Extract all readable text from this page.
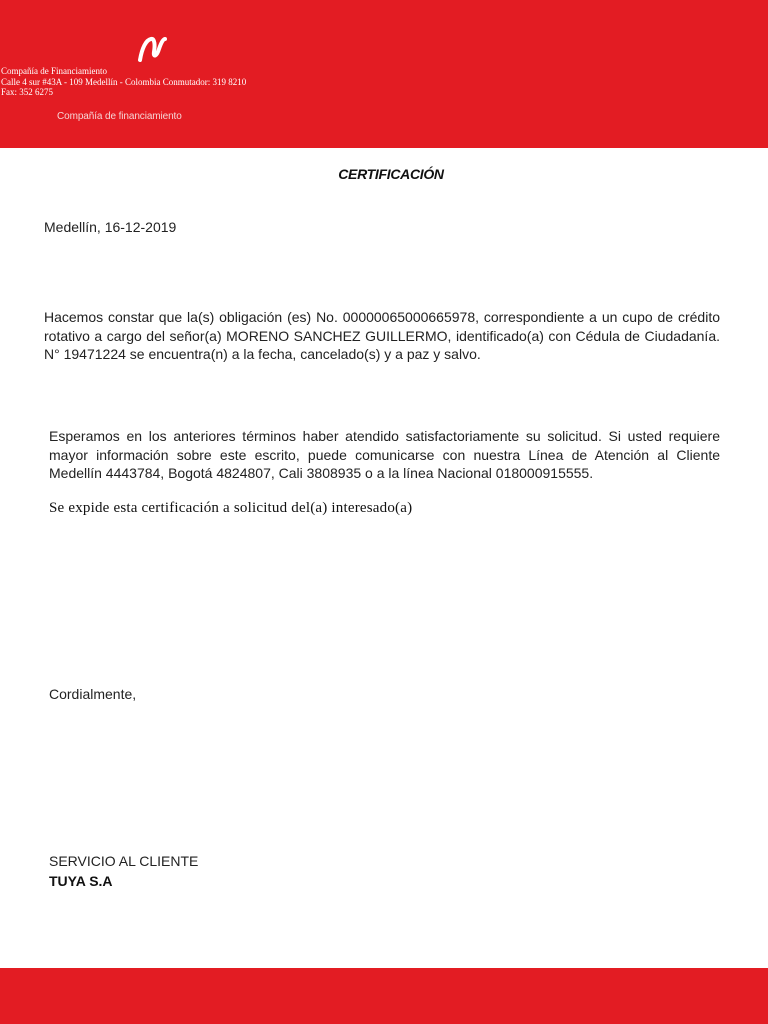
Compañía de Financiamiento
Calle 4 sur #43A - 109 Medellín - Colombia Conmutador: 319 8210
Fax: 352 6275
Compañía de financiamiento
CERTIFICACIÓN
Medellín, 16-12-2019
Hacemos constar que la(s) obligación (es) No. 00000065000665978, correspondiente a un cupo de crédito rotativo a cargo del señor(a) MORENO SANCHEZ GUILLERMO, identificado(a) con Cédula de Ciudadanía. N° 19471224 se encuentra(n) a la fecha, cancelado(s) y a paz y salvo.
Esperamos en los anteriores términos haber atendido satisfactoriamente su solicitud. Si usted requiere mayor información sobre este escrito, puede comunicarse con nuestra Línea de Atención al Cliente Medellín 4443784, Bogotá 4824807, Cali 3808935 o a la línea Nacional 018000915555.
Se expide esta certificación a solicitud del(a) interesado(a)
Cordialmente,
SERVICIO AL CLIENTE
TUYA S.A
